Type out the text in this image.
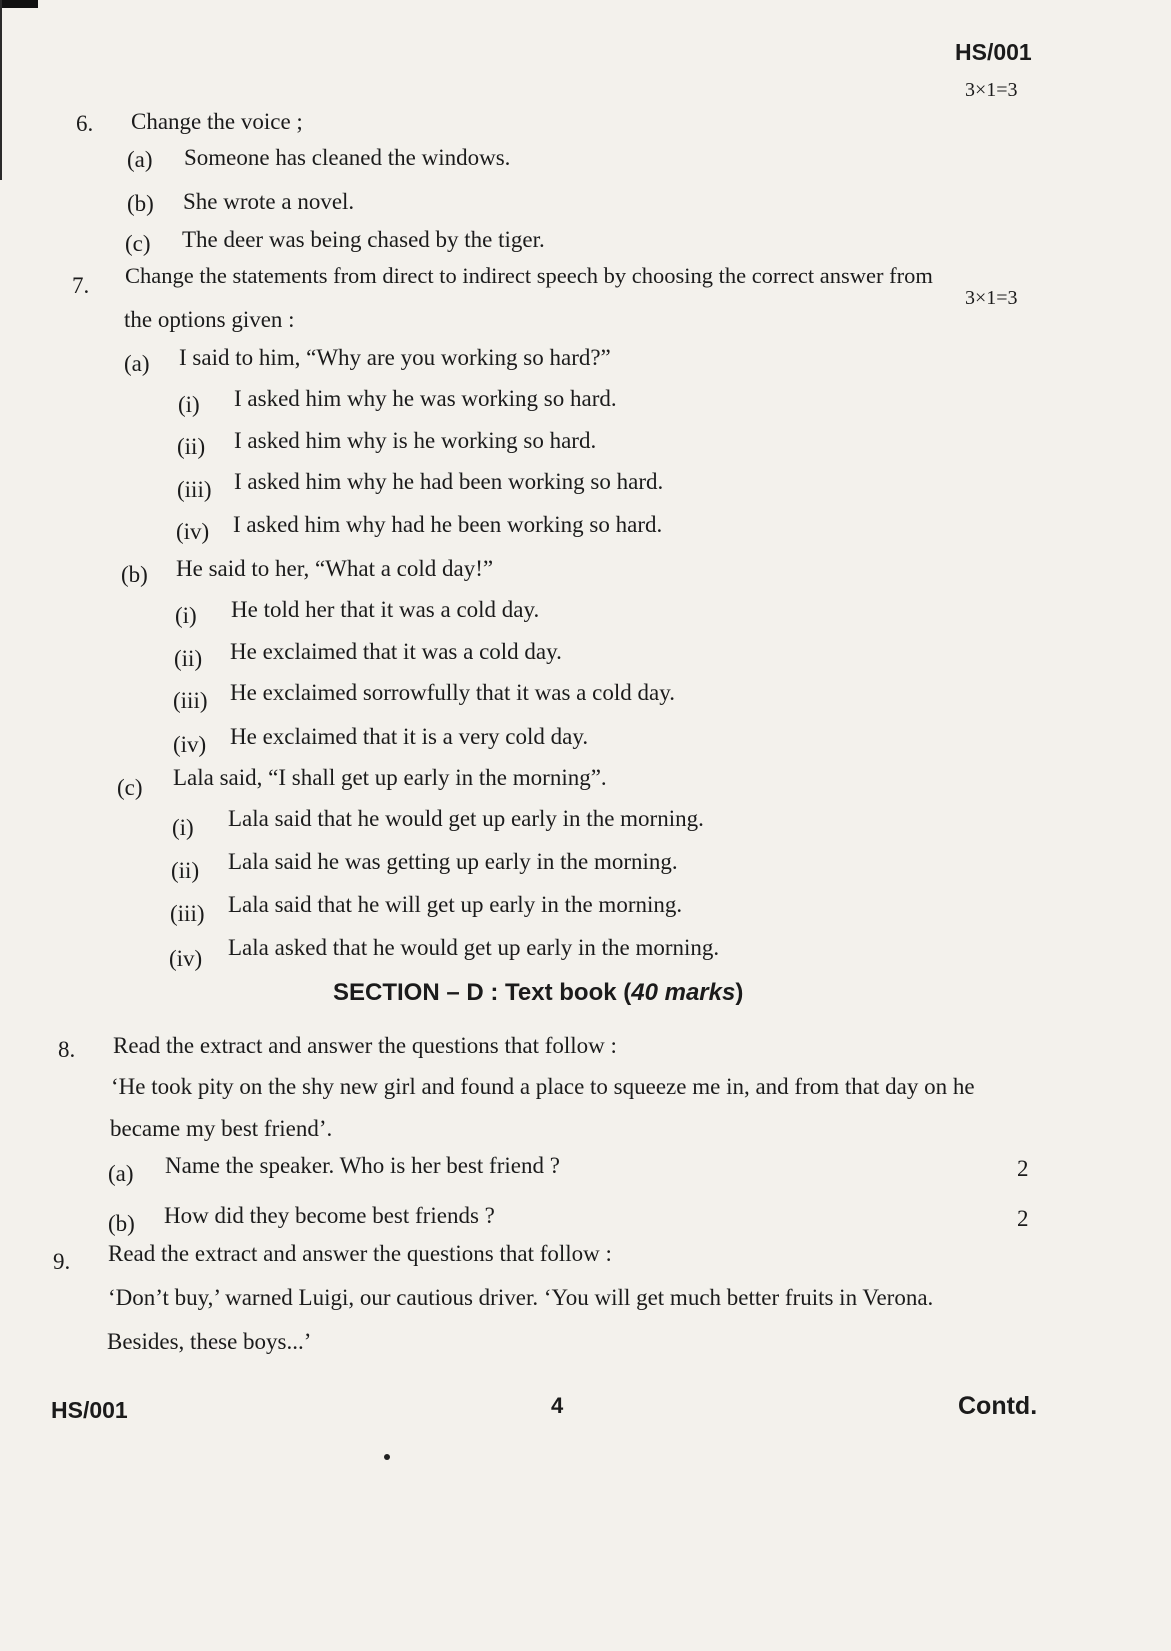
HS/001
3×1=3
6. Change the voice ;
(a) Someone has cleaned the windows.
(b) She wrote a novel.
(c) The deer was being chased by the tiger.
7. Change the statements from direct to indirect speech by choosing the correct answer from
3×1=3
the options given :
(a) I said to him, “Why are you working so hard?”
(i) I asked him why he was working so hard.
(ii) I asked him why is he working so hard.
(iii) I asked him why he had been working so hard.
(iv) I asked him why had he been working so hard.
(b) He said to her, “What a cold day!”
(i) He told her that it was a cold day.
(ii) He exclaimed that it was a cold day.
(iii) He exclaimed sorrowfully that it was a cold day.
(iv) He exclaimed that it is a very cold day.
(c) Lala said, “I shall get up early in the morning”.
(i) Lala said that he would get up early in the morning.
(ii) Lala said he was getting up early in the morning.
(iii) Lala said that he will get up early in the morning.
(iv) Lala asked that he would get up early in the morning.
SECTION – D : Text book (40 marks)
8. Read the extract and answer the questions that follow :
‘He took pity on the shy new girl and found a place to squeeze me in, and from that day on he
became my best friend’.
(a) Name the speaker. Who is her best friend ?	2
(b) How did they become best friends ?	2
9. Read the extract and answer the questions that follow :
‘Don’t buy,’ warned Luigi, our cautious driver. ‘You will get much better fruits in Verona.
Besides, these boys...’
HS/001	4	Contd.
